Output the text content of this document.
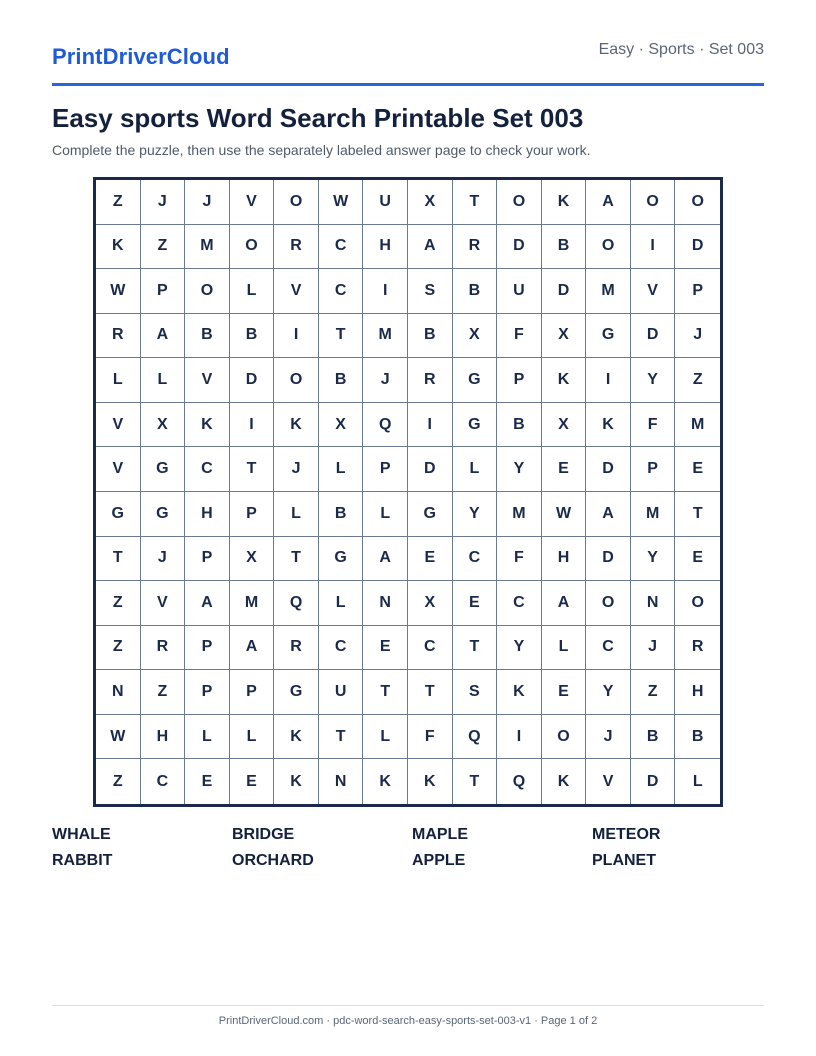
PrintDriverCloud	Easy · Sports · Set 003
Easy sports Word Search Printable Set 003
Complete the puzzle, then use the separately labeled answer page to check your work.
Z	J	J	V	O	W	U	X	T	O	K	A	O	O
K	Z	M	O	R	C	H	A	R	D	B	O	I	D
W	P	O	L	V	C	I	S	B	U	D	M	V	P
R	A	B	B	I	T	M	B	X	F	X	G	D	J
L	L	V	D	O	B	J	R	G	P	K	I	Y	Z
V	X	K	I	K	X	Q	I	G	B	X	K	F	M
V	G	C	T	J	L	P	D	L	Y	E	D	P	E
G	G	H	P	L	B	L	G	Y	M	W	A	M	T
T	J	P	X	T	G	A	E	C	F	H	D	Y	E
Z	V	A	M	Q	L	N	X	E	C	A	O	N	O
Z	R	P	A	R	C	E	C	T	Y	L	C	J	R
N	Z	P	P	G	U	T	T	S	K	E	Y	Z	H
W	H	L	L	K	T	L	F	Q	I	O	J	B	B
Z	C	E	E	K	N	K	K	T	Q	K	V	D	L
WHALE	BRIDGE	MAPLE	METEOR
RABBIT	ORCHARD	APPLE	PLANET
PrintDriverCloud.com · pdc-word-search-easy-sports-set-003-v1 · Page 1 of 2
